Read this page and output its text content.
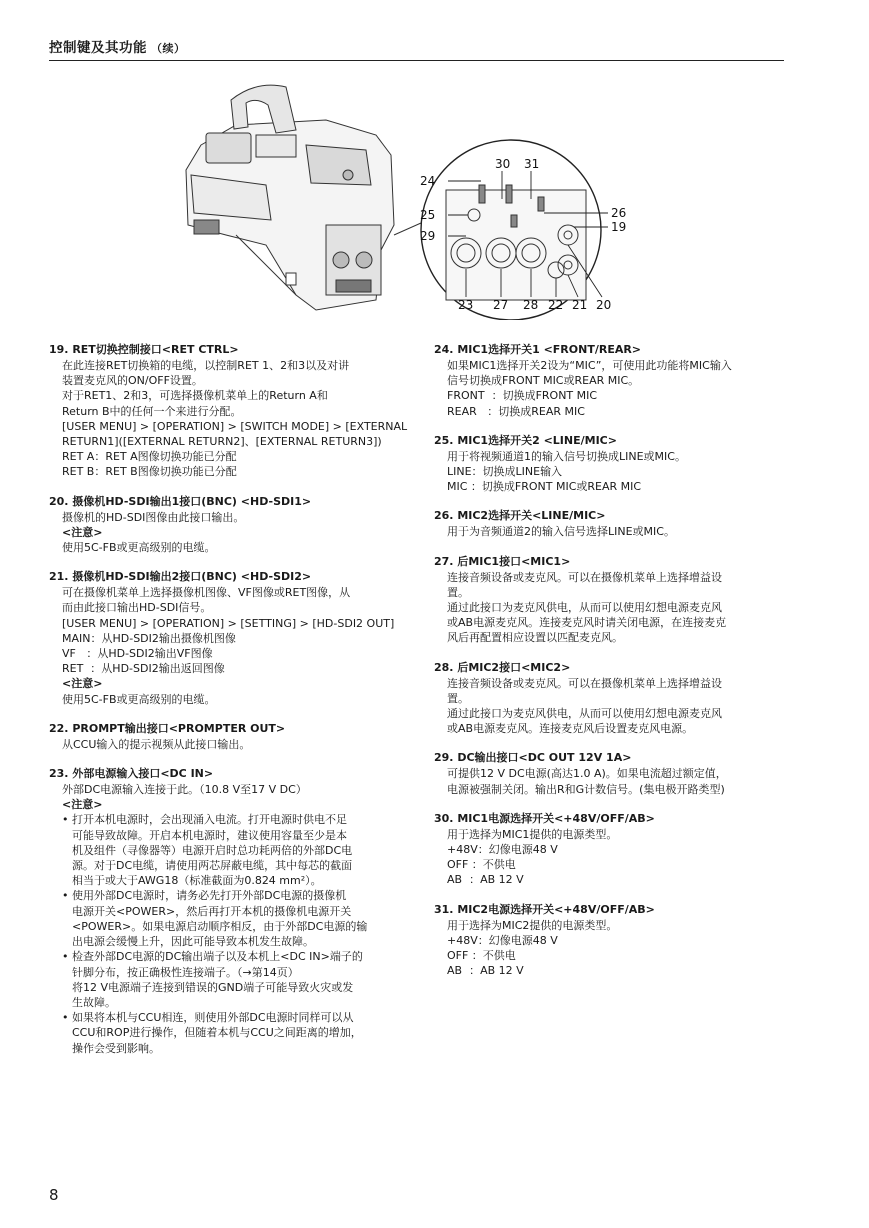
控制键及其功能 （续）
30 31
24
25
29
26
19
23 27 28 22 21 20
19. RET切换控制接口<RET CTRL>
在此连接RET切换箱的电缆，以控制RET 1、2和3以及对讲
装置麦克风的ON/OFF设置。
对于RET1、2和3，可选择摄像机菜单上的Return A和
Return B中的任何一个来进行分配。
[USER MENU] > [OPERATION] > [SWITCH MODE] > [EXTERNAL
RETURN1]([EXTERNAL RETURN2]、[EXTERNAL RETURN3])
RET A：RET A图像切换功能已分配
RET B：RET B图像切换功能已分配
20. 摄像机HD-SDI输出1接口(BNC) <HD-SDI1>
摄像机的HD-SDI图像由此接口输出。
<注意>
使用5C-FB或更高级别的电缆。
21. 摄像机HD-SDI输出2接口(BNC) <HD-SDI2>
可在摄像机菜单上选择摄像机图像、VF图像或RET图像，从
而由此接口输出HD-SDI信号。
[USER MENU] > [OPERATION] > [SETTING] > [HD-SDI2 OUT]
MAIN：从HD-SDI2输出摄像机图像
VF   ：从HD-SDI2输出VF图像
RET  ：从HD-SDI2输出返回图像
<注意>
使用5C-FB或更高级别的电缆。
22. PROMPT输出接口<PROMPTER OUT>
从CCU输入的提示视频从此接口输出。
23. 外部电源输入接口<DC IN>
外部DC电源输入连接于此。（10.8 V至17 V DC）
<注意>
• 打开本机电源时，会出现涌入电流。打开电源时供电不足
可能导致故障。开启本机电源时，建议使用容量至少是本
机及组件（寻像器等）电源开启时总功耗两倍的外部DC电
源。对于DC电缆，请使用两芯屏蔽电缆，其中每芯的截面
相当于或大于AWG18（标准截面为0.824 mm²）。
• 使用外部DC电源时，请务必先打开外部DC电源的摄像机
电源开关<POWER>，然后再打开本机的摄像机电源开关
<POWER>。如果电源启动顺序相反，由于外部DC电源的输
出电源会缓慢上升，因此可能导致本机发生故障。
• 检查外部DC电源的DC输出端子以及本机上<DC IN>端子的
针脚分布，按正确极性连接端子。（→第14页）
将12 V电源端子连接到错误的GND端子可能导致火灾或发
生故障。
• 如果将本机与CCU相连，则使用外部DC电源时同样可以从
CCU和ROP进行操作，但随着本机与CCU之间距离的增加，
操作会受到影响。
24. MIC1选择开关1 <FRONT/REAR>
如果MIC1选择开关2设为“MIC”，可使用此功能将MIC输入
信号切换成FRONT MIC或REAR MIC。
FRONT  ：切换成FRONT MIC
REAR   ：切换成REAR MIC
25. MIC1选择开关2 <LINE/MIC>
用于将视频通道1的输入信号切换成LINE或MIC。
LINE：切换成LINE输入
MIC ：切换成FRONT MIC或REAR MIC
26. MIC2选择开关<LINE/MIC>
用于为音频通道2的输入信号选择LINE或MIC。
27. 后MIC1接口<MIC1>
连接音频设备或麦克风。可以在摄像机菜单上选择增益设
置。
通过此接口为麦克风供电，从而可以使用幻想电源麦克风
或AB电源麦克风。连接麦克风时请关闭电源，在连接麦克
风后再配置相应设置以匹配麦克风。
28. 后MIC2接口<MIC2>
连接音频设备或麦克风。可以在摄像机菜单上选择增益设
置。
通过此接口为麦克风供电，从而可以使用幻想电源麦克风
或AB电源麦克风。连接麦克风后设置麦克风电源。
29. DC输出接口<DC OUT 12V 1A>
可提供12 V DC电源(高达1.0 A)。如果电流超过额定值，
电源被强制关闭。输出R和G计数信号。(集电极开路类型)
30. MIC1电源选择开关<+48V/OFF/AB>
用于选择为MIC1提供的电源类型。
+48V：幻像电源48 V
OFF ：不供电
AB  ：AB 12 V
31. MIC2电源选择开关<+48V/OFF/AB>
用于选择为MIC2提供的电源类型。
+48V：幻像电源48 V
OFF ：不供电
AB  ：AB 12 V
8
